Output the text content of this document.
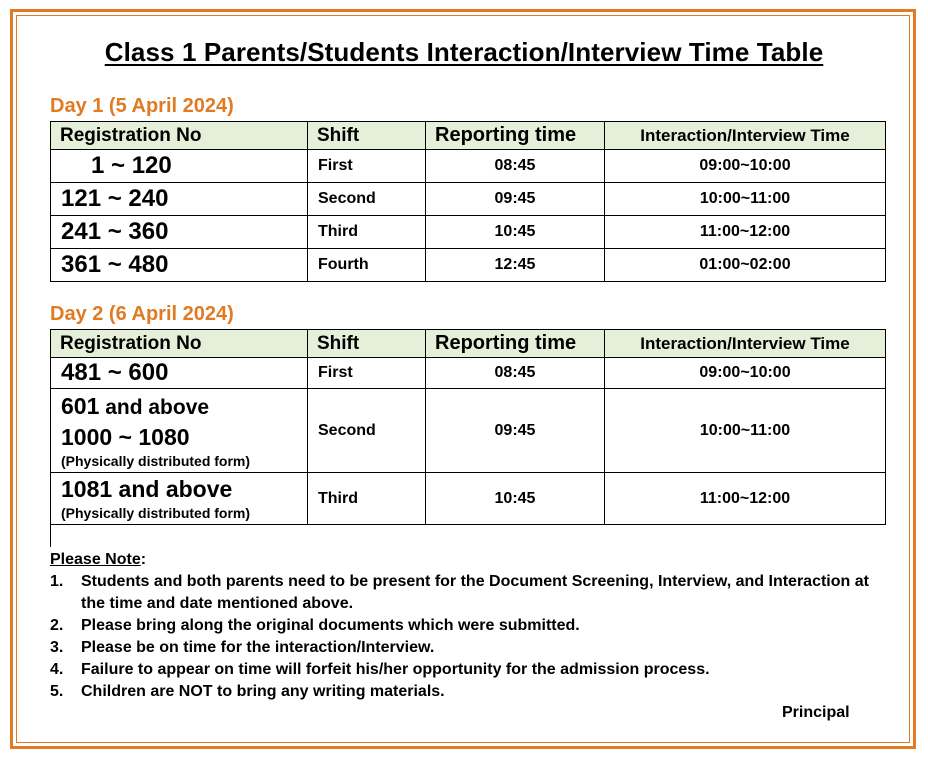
Class 1 Parents/Students Interaction/Interview Time Table
Day 1 (5 April 2024)
Registration No	Shift	Reporting time	Interaction/Interview Time
1 ~ 120	First	08:45	09:00~10:00
121 ~ 240	Second	09:45	10:00~11:00
241 ~ 360	Third	10:45	11:00~12:00
361 ~ 480	Fourth	12:45	01:00~02:00
Day 2 (6 April 2024)
Registration No	Shift	Reporting time	Interaction/Interview Time
481 ~ 600	First	08:45	09:00~10:00

601 and above
1000 ~ 1080
(Physically distributed form)	Second	09:45	10:00~11:00

1081 and above
(Physically distributed form)	Third	10:45	11:00~12:00
Please Note:
1. Students and both parents need to be present for the Document Screening, Interview, and Interaction at the time and date mentioned above.
2. Please bring along the original documents which were submitted.
3. Please be on time for the interaction/Interview.
4. Failure to appear on time will forfeit his/her opportunity for the admission process.
5. Children are NOT to bring any writing materials.
Principal
